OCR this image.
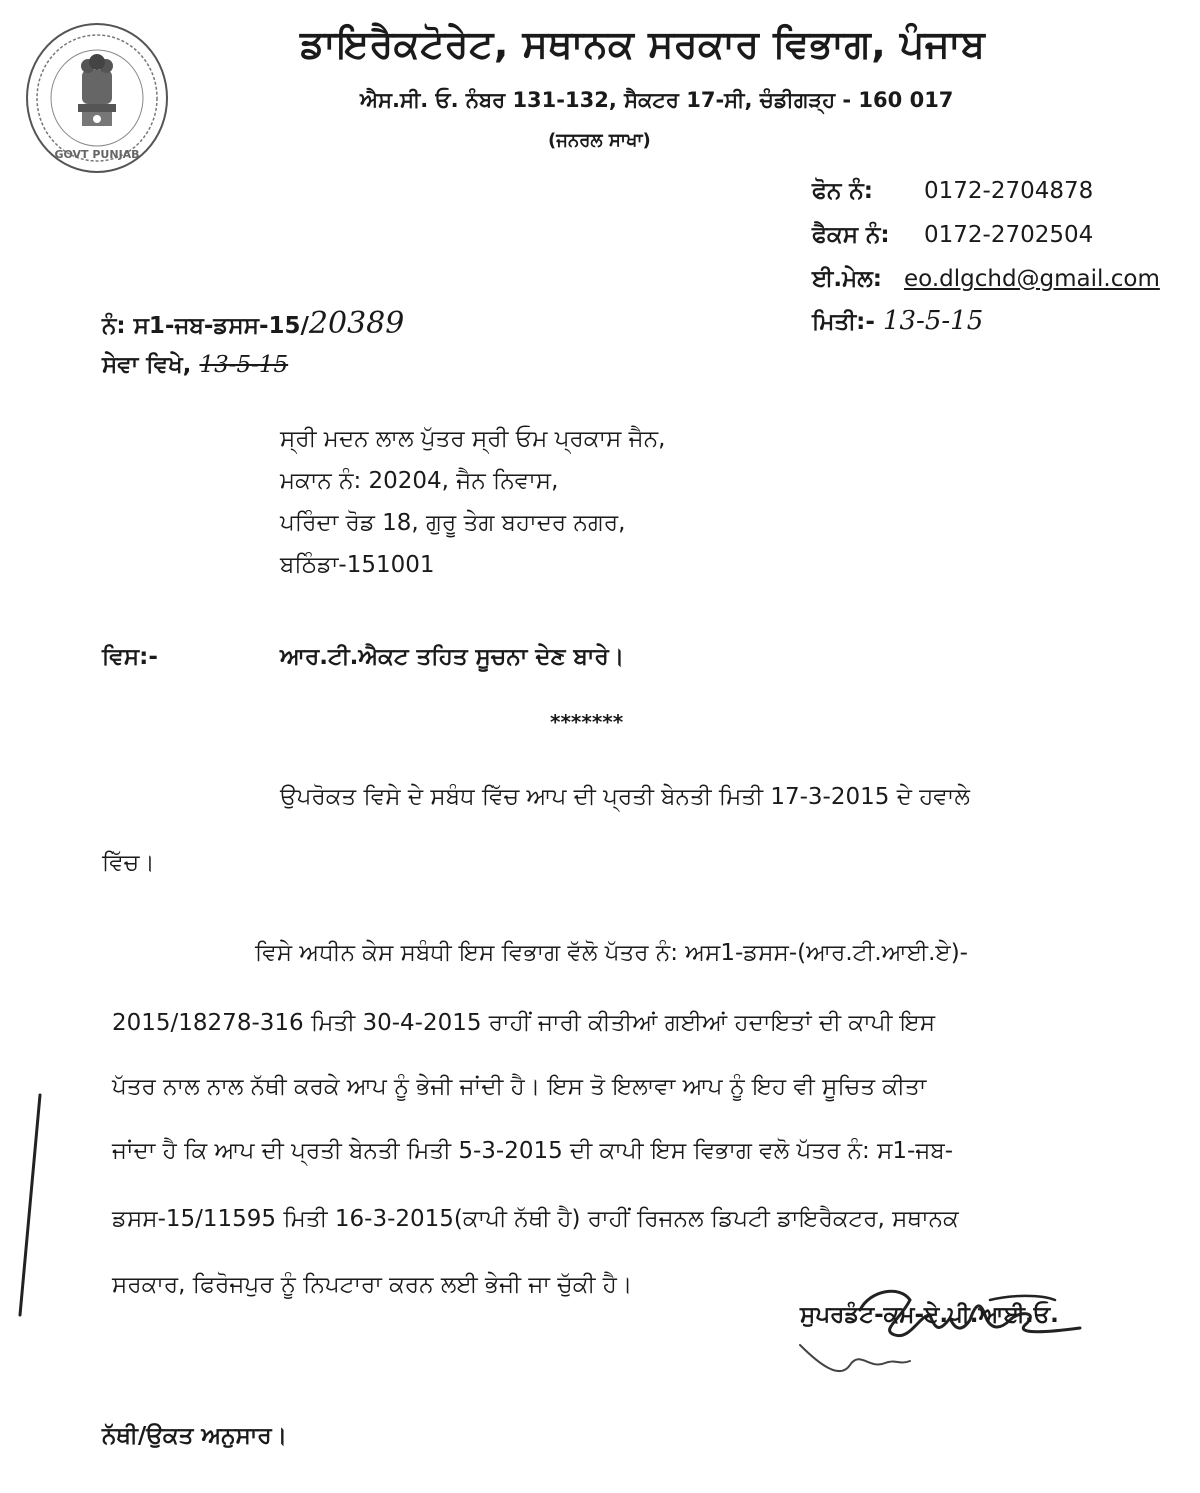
GOVT PUNJAB
ਡਾਇਰੈਕਟੋਰੇਟ, ਸਥਾਨਕ ਸਰਕਾਰ ਵਿਭਾਗ, ਪੰਜਾਬ
ਐਸ.ਸੀ. ਓ. ਨੰਬਰ 131-132, ਸੈਕਟਰ 17-ਸੀ, ਚੰਡੀਗੜ੍ਹ - 160 017
(ਜਨਰਲ ਸਾਖਾ)
ਫੋਨ ਨੰ: 0172-2704878
ਫੈਕਸ ਨੰ: 0172-2702504
ਈ.ਮੇਲ: eo.dlgchd@gmail.com
ਨੰ: ਸ1-ਜਬ-ਡਸਸ-15/20389	ਮਿਤੀ:- 13-5-15
ਸੇਵਾ ਵਿਖੇ, 13-5-15
ਸ੍ਰੀ ਮਦਨ ਲਾਲ ਪੁੱਤਰ ਸ੍ਰੀ ਓਮ ਪ੍ਰਕਾਸ ਜੈਨ,
ਮਕਾਨ ਨੰ: 20204, ਜੈਨ ਨਿਵਾਸ,
ਪਰਿੰਦਾ ਰੋਡ 18, ਗੁਰੂ ਤੇਗ ਬਹਾਦਰ ਨਗਰ,
ਬਠਿੰਡਾ-151001
ਵਿਸ:-	ਆਰ.ਟੀ.ਐਕਟ ਤਹਿਤ ਸੂਚਨਾ ਦੇਣ ਬਾਰੇ।
*******
ਉਪਰੋਕਤ ਵਿਸੇ ਦੇ ਸਬੰਧ ਵਿੱਚ ਆਪ ਦੀ ਪ੍ਰਤੀ ਬੇਨਤੀ ਮਿਤੀ 17-3-2015 ਦੇ ਹਵਾਲੇ
ਵਿੱਚ।
ਵਿਸੇ ਅਧੀਨ ਕੇਸ ਸਬੰਧੀ ਇਸ ਵਿਭਾਗ ਵੱਲੋ ਪੱਤਰ ਨੰ: ਅਸ1-ਡਸਸ-(ਆਰ.ਟੀ.ਆਈ.ਏ)-
2015/18278-316 ਮਿਤੀ 30-4-2015 ਰਾਹੀਂ ਜਾਰੀ ਕੀਤੀਆਂ ਗਈਆਂ ਹਦਾਇਤਾਂ ਦੀ ਕਾਪੀ ਇਸ
ਪੱਤਰ ਨਾਲ ਨਾਲ ਨੱਥੀ ਕਰਕੇ ਆਪ ਨੂੰ ਭੇਜੀ ਜਾਂਦੀ ਹੈ। ਇਸ ਤੋ ਇਲਾਵਾ ਆਪ ਨੂੰ ਇਹ ਵੀ ਸੂਚਿਤ ਕੀਤਾ
ਜਾਂਦਾ ਹੈ ਕਿ ਆਪ ਦੀ ਪ੍ਰਤੀ ਬੇਨਤੀ ਮਿਤੀ 5-3-2015 ਦੀ ਕਾਪੀ ਇਸ ਵਿਭਾਗ ਵਲੋ ਪੱਤਰ ਨੰ: ਸ1-ਜਬ-
ਡਸਸ-15/11595 ਮਿਤੀ 16-3-2015(ਕਾਪੀ ਨੱਥੀ ਹੈ) ਰਾਹੀਂ ਰਿਜਨਲ ਡਿਪਟੀ ਡਾਇਰੈਕਟਰ, ਸਥਾਨਕ
ਸਰਕਾਰ, ਫਿਰੋਜਪੁਰ ਨੂੰ ਨਿਪਟਾਰਾ ਕਰਨ ਲਈ ਭੇਜੀ ਜਾ ਚੁੱਕੀ ਹੈ।
ਸੁਪਰਡੰਟ-ਕਮ-ਏ.ਪੀ.ਆਈ.ਓ.
ਨੱਥੀ/ਉਕਤ ਅਨੁਸਾਰ।
